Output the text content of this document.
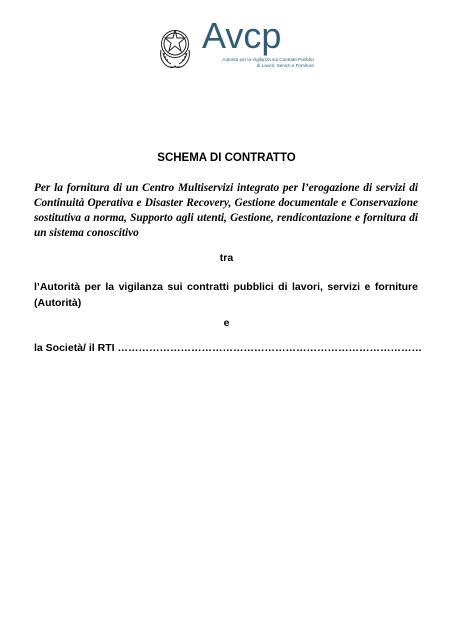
Avcp
Autorità per la Vigilanza sui Contratti Pubblici
di Lavori, Servizi e Forniture
SCHEMA DI CONTRATTO

Per la fornitura di un Centro Multiservizi integrato per l’erogazione di servizi di Continuità Operativa e Disaster Recovery, Gestione documentale e Conservazione sostitutiva a norma, Supporto agli utenti, Gestione, rendicontazione e fornitura di un sistema conoscitivo

tra

l’Autorità per la vigilanza sui contratti pubblici di lavori, servizi e forniture (Autorità)

e

la Società/ il RTI ……………………………………………………………………………
